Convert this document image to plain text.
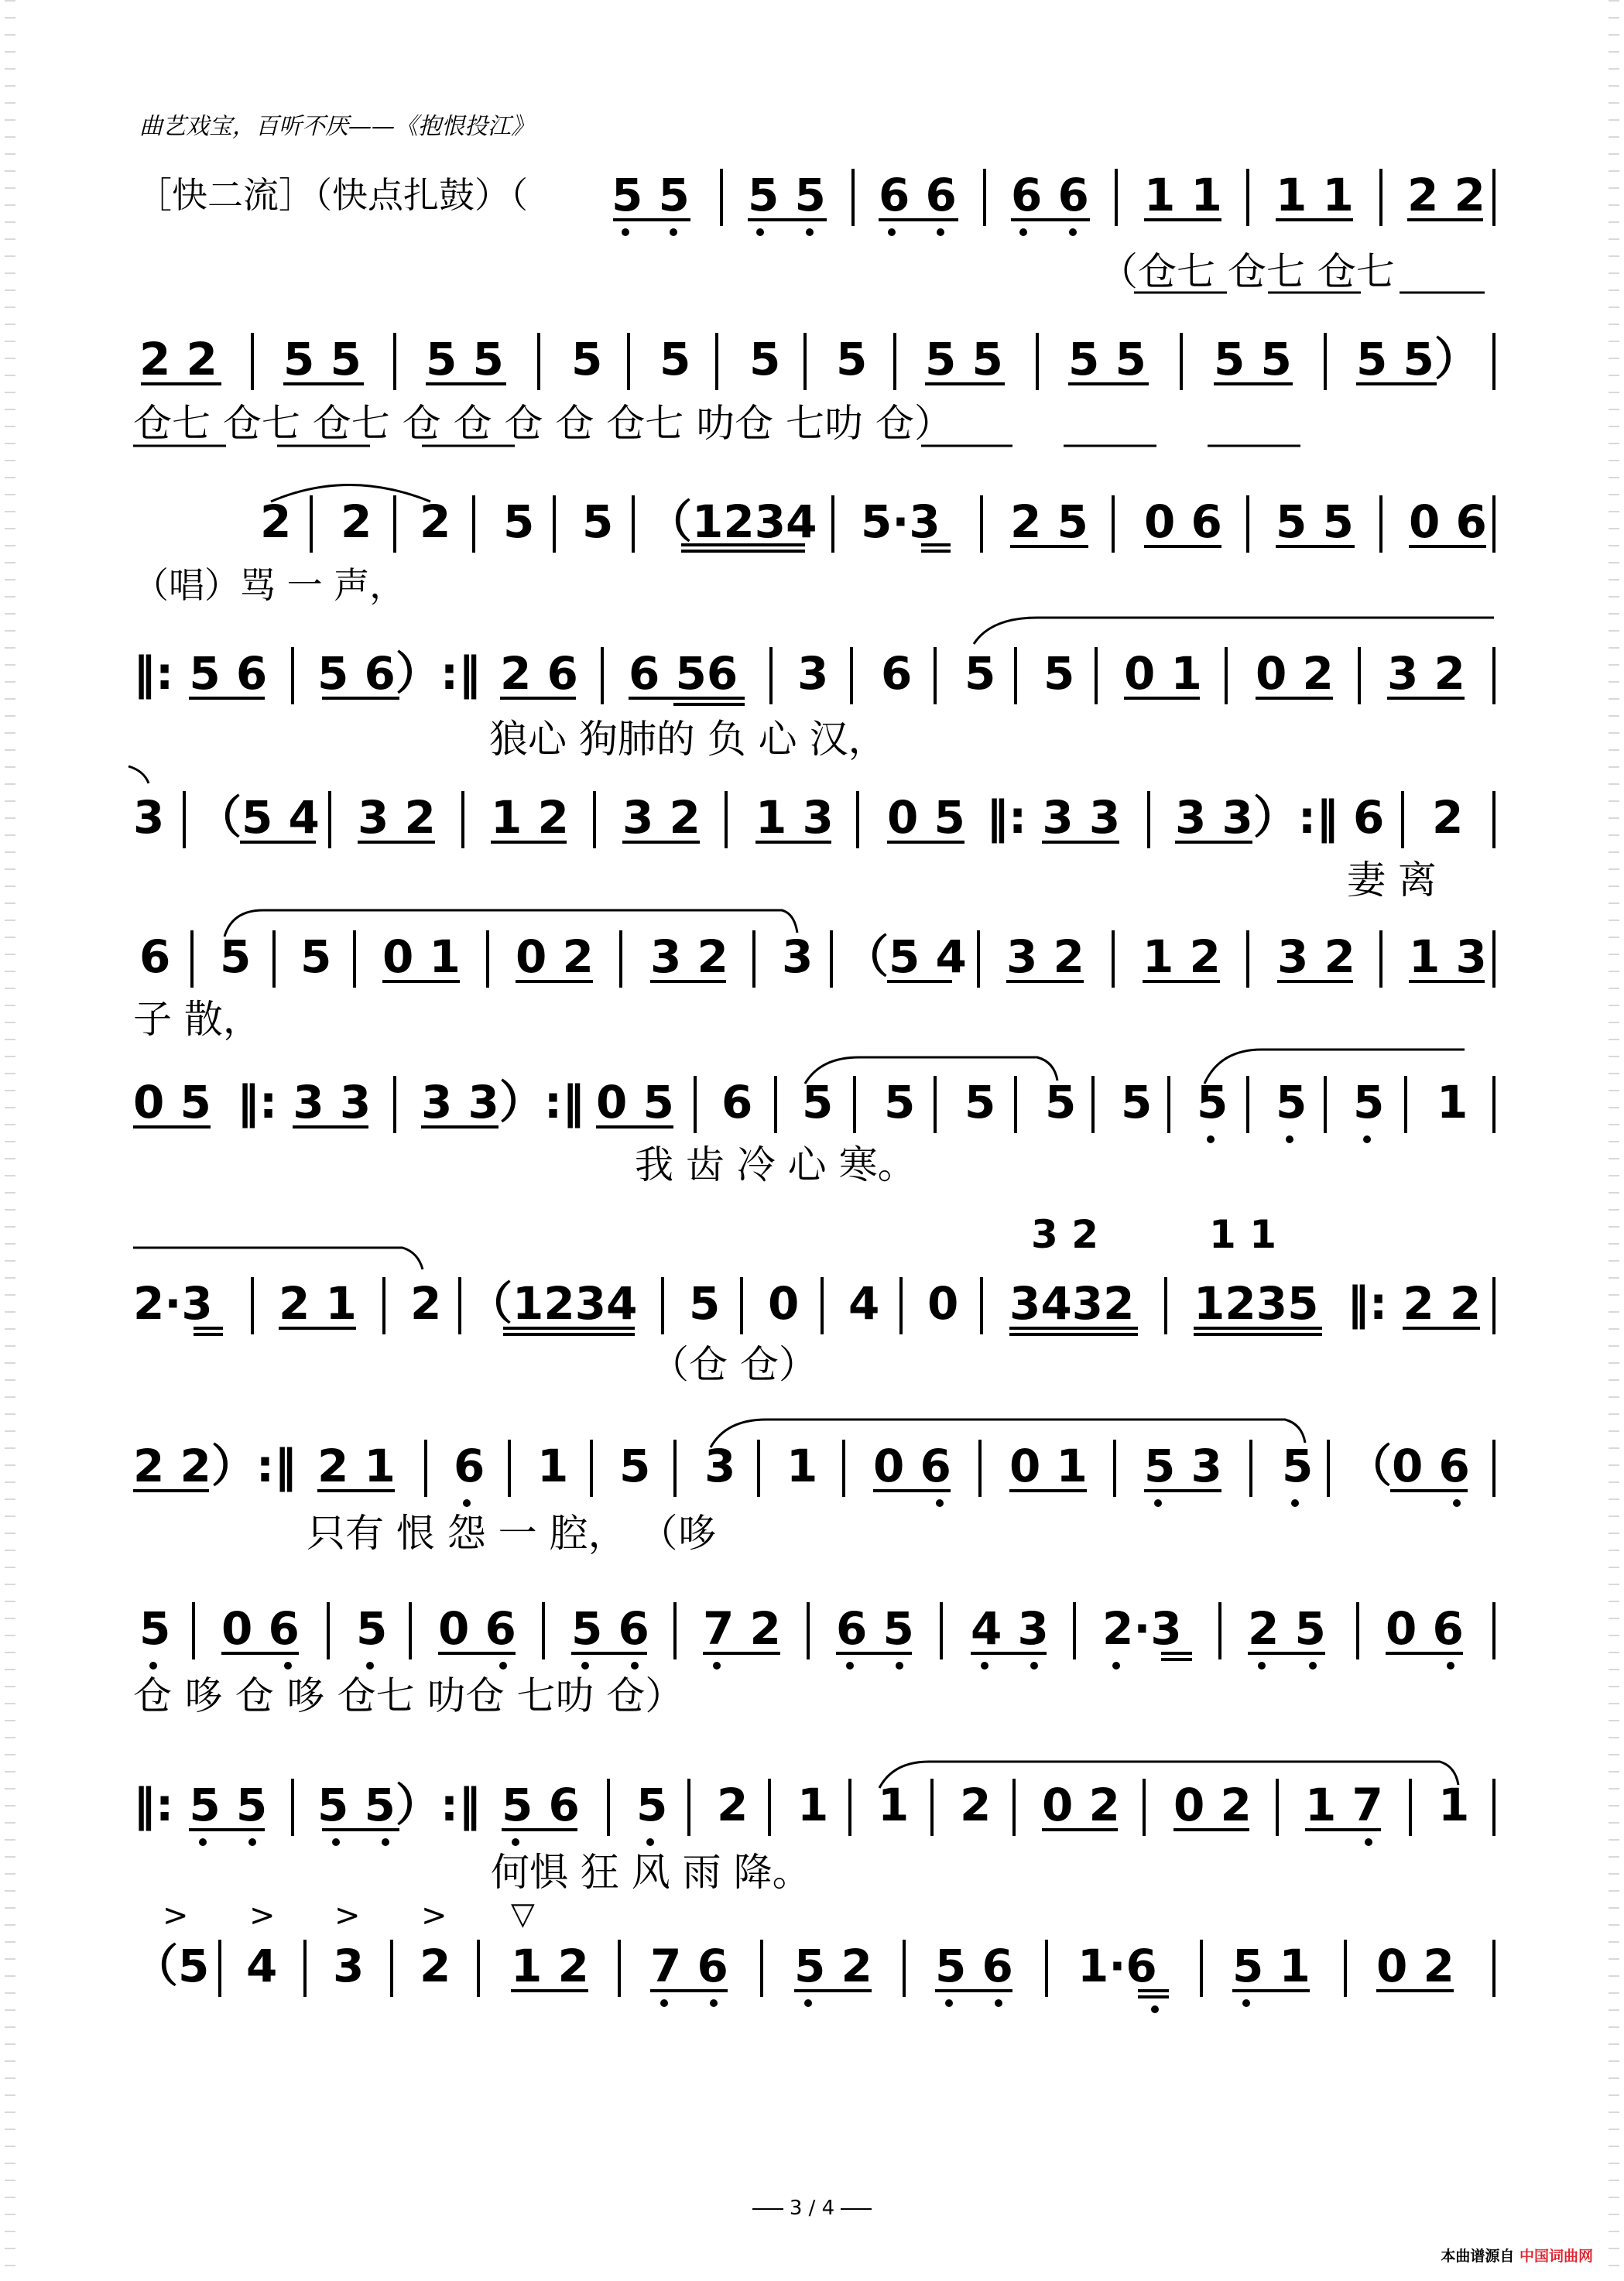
曲艺戏宝，百听不厌——《抱恨投江》
［快二流］（快点扎鼓）（ 5 5 5 5 6 6 6 6 1 1 1 1 2 2
（仓七 仓七 仓七
2 2 5 5 5 5 5 5 5 5 5 5 5 5 5 5 5 5）
仓七 仓七 仓七 仓 仓 仓 仓 仓七 叻仓 七叻 仓）
2 2 2 5 5 （1234 5·3 2 5 0 6 5 5 0 6
（唱）骂 一 声，
‖: 5 6 5 6）:‖ 2 6 6 56 3 6 5 5 0 1 0 2 3 2
狼心 狗肺的 负 心 汉，
3 （5 4 3 2 1 2 3 2 1 3 0 5 ‖: 3 3 3 3）:‖ 6 2
妻 离
6 5 5 0 1 0 2 3 2 3 （5 4 3 2 1 2 3 2 1 3
子 散，
0 5 ‖: 3 3 3 3）:‖ 0 5 6 5 5 5 5 5 5 5 5 1
我 齿 冷 心 寒。
3 2	1 1
2·3 2 1 2 （1234 5 0 4 0 3432 1235 ‖: 2 2
（仓 仓）
2 2）:‖ 2 1 6 1 5 3 1 0 6 0 1 5 3 5 （0 6
只有 恨 怨 一 腔， （哆
5 0 6 5 0 6 5 6 7 2 6 5 4 3 2·3 2 5 0 6
仓 哆 仓 哆 仓七 叻仓 七叻 仓）
‖: 5 5 5 5）:‖ 5 6 5 2 1 1 2 0 2 0 2 1 7 1
何惧 狂 风 雨 降。
> > > > ▽
（5 4 3 2 1 2 7 6 5 2 5 6 1·6 5 1 0 2
3 / 4
本曲谱源自 中国词曲网
